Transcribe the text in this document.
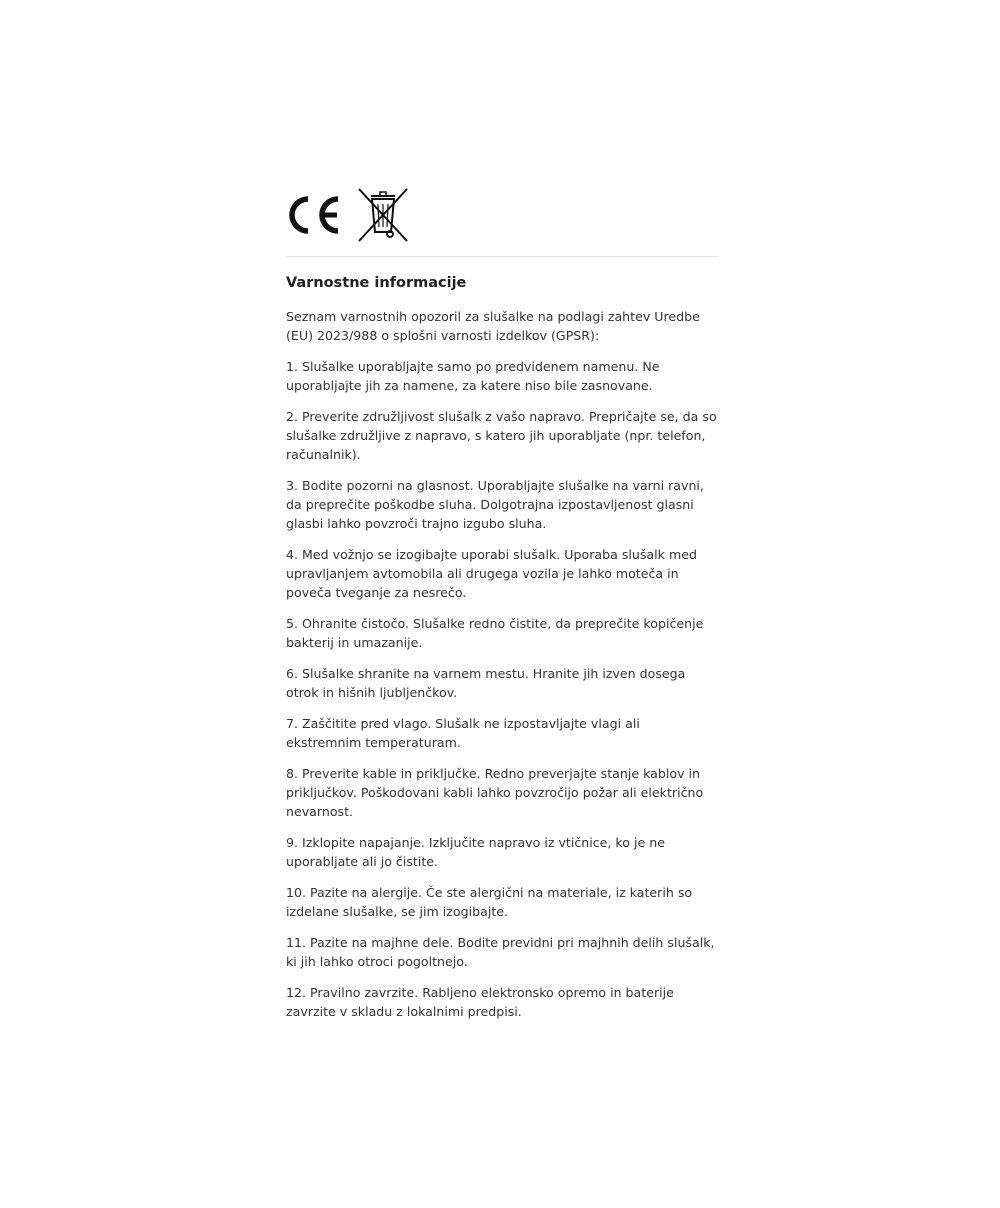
Varnostne informacije

Seznam varnostnih opozoril za slušalke na podlagi zahtev Uredbe (EU) 2023/988 o splošni varnosti izdelkov (GPSR):

1. Slušalke uporabljajte samo po predvidenem namenu. Ne uporabljajte jih za namene, za katere niso bile zasnovane.

2. Preverite združljivost slušalk z vašo napravo. Prepričajte se, da so slušalke združljive z napravo, s katero jih uporabljate (npr. telefon, računalnik).

3. Bodite pozorni na glasnost. Uporabljajte slušalke na varni ravni, da preprečite poškodbe sluha. Dolgotrajna izpostavljenost glasni glasbi lahko povzroči trajno izgubo sluha.

4. Med vožnjo se izogibajte uporabi slušalk. Uporaba slušalk med upravljanjem avtomobila ali drugega vozila je lahko moteča in poveča tveganje za nesrečo.

5. Ohranite čistočo. Slušalke redno čistite, da preprečite kopičenje bakterij in umazanije.

6. Slušalke shranite na varnem mestu. Hranite jih izven dosega otrok in hišnih ljubljenčkov.

7. Zaščitite pred vlago. Slušalk ne izpostavljajte vlagi ali ekstremnim temperaturam.

8. Preverite kable in priključke. Redno preverjajte stanje kablov in priključkov. Poškodovani kabli lahko povzročijo požar ali električno nevarnost.

9. Izklopite napajanje. Izključite napravo iz vtičnice, ko je ne uporabljate ali jo čistite.

10. Pazite na alergije. Če ste alergični na materiale, iz katerih so izdelane slušalke, se jim izogibajte.

11. Pazite na majhne dele. Bodite previdni pri majhnih delih slušalk, ki jih lahko otroci pogoltnejo.

12. Pravilno zavrzite. Rabljeno elektronsko opremo in baterije zavrzite v skladu z lokalnimi predpisi.
